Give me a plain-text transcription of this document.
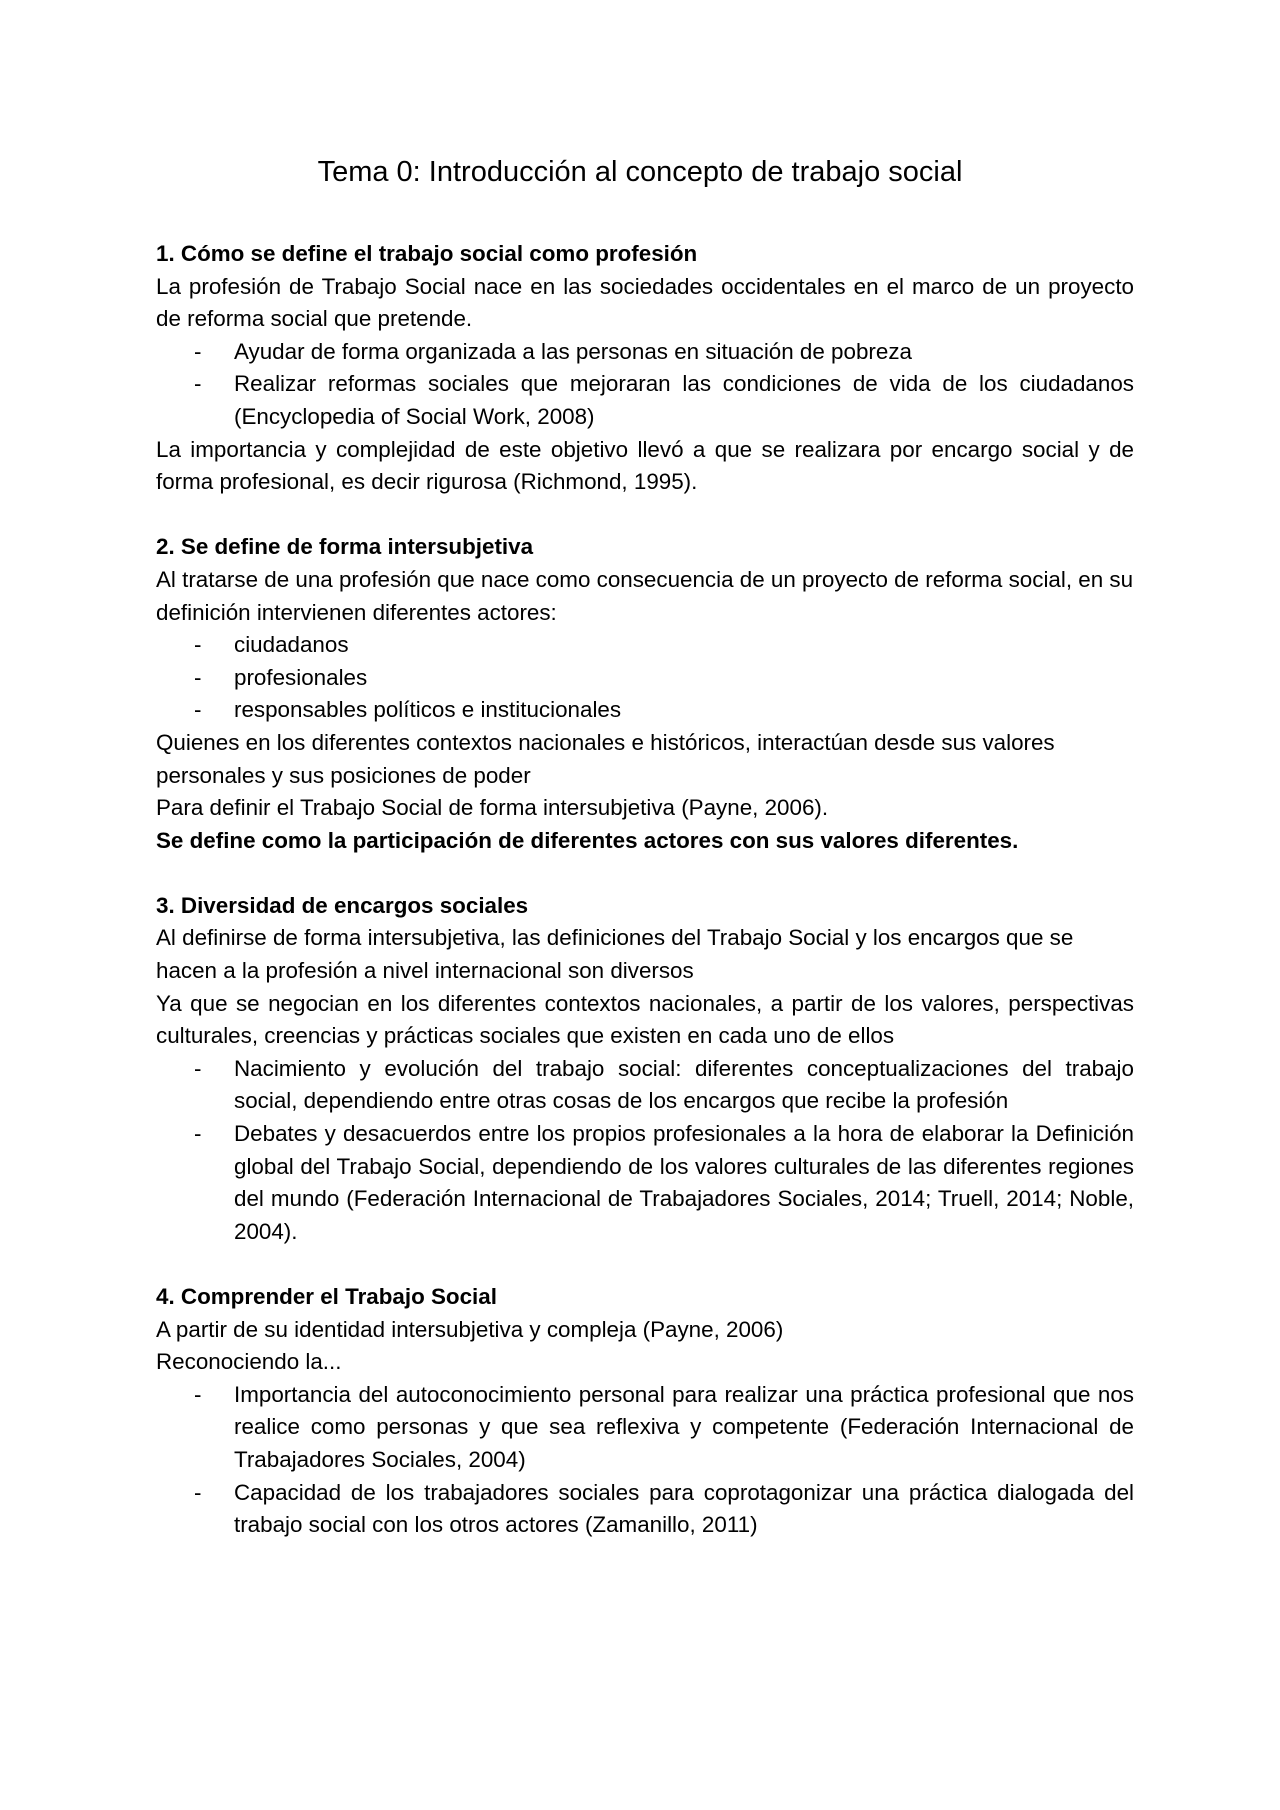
Tema 0: Introducción al concepto de trabajo social

1. Cómo se define el trabajo social como profesión

La profesión de Trabajo Social nace en las sociedades occidentales en el marco de un proyecto de reforma social que pretende.

- Ayudar de forma organizada a las personas en situación de pobreza
- Realizar reformas sociales que mejoraran las condiciones de vida de los ciudadanos (Encyclopedia of Social Work, 2008)

La importancia y complejidad de este objetivo llevó a que se realizara por encargo social y de forma profesional, es decir rigurosa (Richmond, 1995).

2. Se define de forma intersubjetiva

Al tratarse de una profesión que nace como consecuencia de un proyecto de reforma social, en su definición intervienen diferentes actores:

- ciudadanos
- profesionales
- responsables políticos e institucionales

Quienes en los diferentes contextos nacionales e históricos, interactúan desde sus valores personales y sus posiciones de poder

Para definir el Trabajo Social de forma intersubjetiva (Payne, 2006).

Se define como la participación de diferentes actores con sus valores diferentes.

3. Diversidad de encargos sociales

Al definirse de forma intersubjetiva, las definiciones del Trabajo Social y los encargos que se hacen a la profesión a nivel internacional son diversos

Ya que se negocian en los diferentes contextos nacionales, a partir de los valores, perspectivas culturales, creencias y prácticas sociales que existen en cada uno de ellos

- Nacimiento y evolución del trabajo social: diferentes conceptualizaciones del trabajo social, dependiendo entre otras cosas de los encargos que recibe la profesión
- Debates y desacuerdos entre los propios profesionales a la hora de elaborar la Definición global del Trabajo Social, dependiendo de los valores culturales de las diferentes regiones del mundo (Federación Internacional de Trabajadores Sociales, 2014; Truell, 2014; Noble, 2004).

4. Comprender el Trabajo Social

A partir de su identidad intersubjetiva y compleja (Payne, 2006)

Reconociendo la...

- Importancia del autoconocimiento personal para realizar una práctica profesional que nos realice como personas y que sea reflexiva y competente (Federación Internacional de Trabajadores Sociales, 2004)
- Capacidad de los trabajadores sociales para coprotagonizar una práctica dialogada del trabajo social con los otros actores (Zamanillo, 2011)
